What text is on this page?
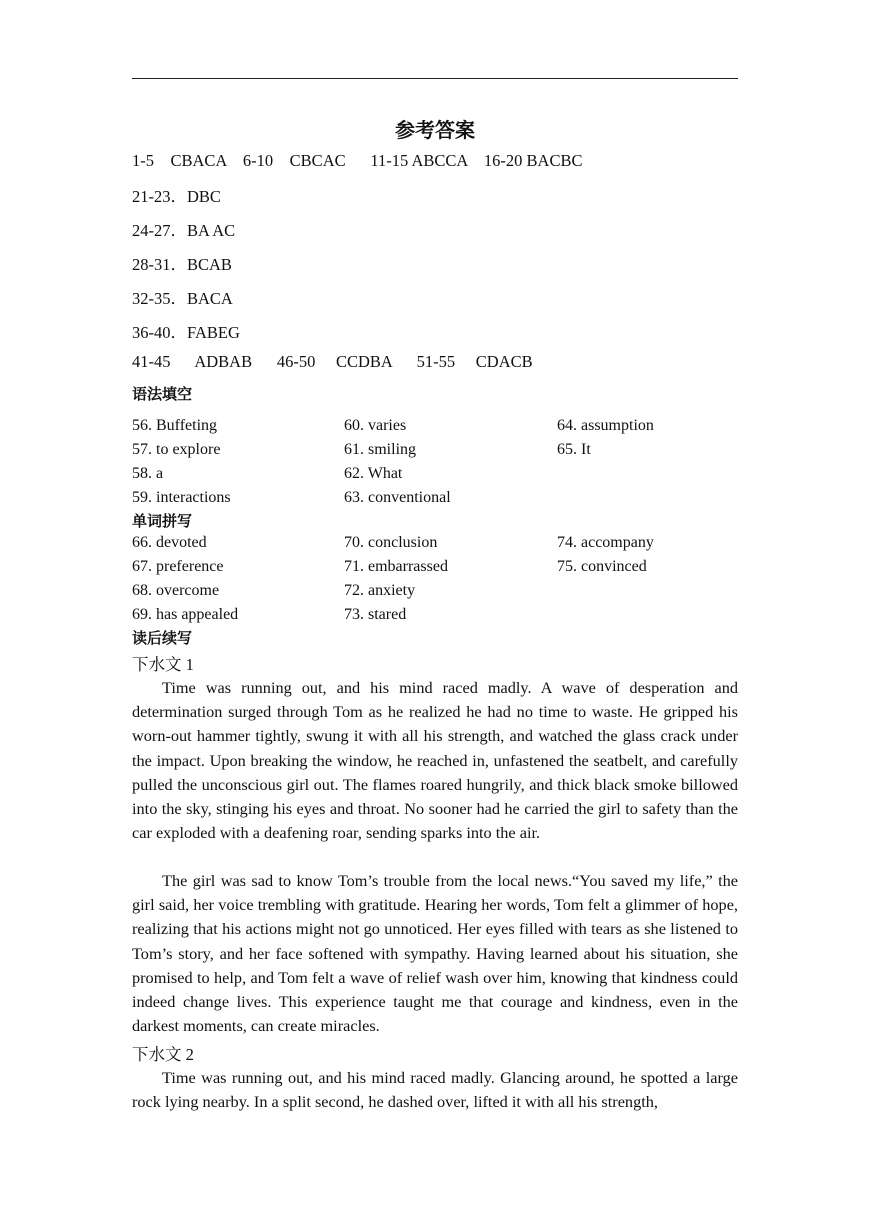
参考答案
1-5    CBACA    6-10    CBCAC      11-15 ABCCA    16-20 BACBC
21-23．DBC
24-27．BA AC
28-31．BCAB
32-35．BACA
36-40．FABEG
41-45      ADBAB      46-50     CCDBA      51-55     CDACB
语法填空
56. Buffeting	60. varies	64. assumption
57. to explore	61. smiling	65. It
58. a	62. What
59. interactions	63. conventional
单词拼写
66. devoted	70. conclusion	74. accompany
67. preference	71. embarrassed	75. convinced
68. overcome	72. anxiety
69. has appealed	73. stared
读后续写
下水文 1
Time was running out, and his mind raced madly. A wave of desperation and determination surged through Tom as he realized he had no time to waste. He gripped his worn-out hammer tightly, swung it with all his strength, and watched the glass crack under the impact. Upon breaking the window, he reached in, unfastened the seatbelt, and carefully pulled the unconscious girl out. The flames roared hungrily, and thick black smoke billowed into the sky, stinging his eyes and throat. No sooner had he carried the girl to safety than the car exploded with a deafening roar, sending sparks into the air.
The girl was sad to know Tom’s trouble from the local news.“You saved my life,” the girl said, her voice trembling with gratitude. Hearing her words, Tom felt a glimmer of hope, realizing that his actions might not go unnoticed. Her eyes filled with tears as she listened to Tom’s story, and her face softened with sympathy. Having learned about his situation, she promised to help, and Tom felt a wave of relief wash over him, knowing that kindness could indeed change lives. This experience taught me that courage and kindness, even in the darkest moments, can create miracles.
下水文 2
Time was running out, and his mind raced madly. Glancing around, he spotted a large rock lying nearby. In a split second, he dashed over, lifted it with all his strength,
